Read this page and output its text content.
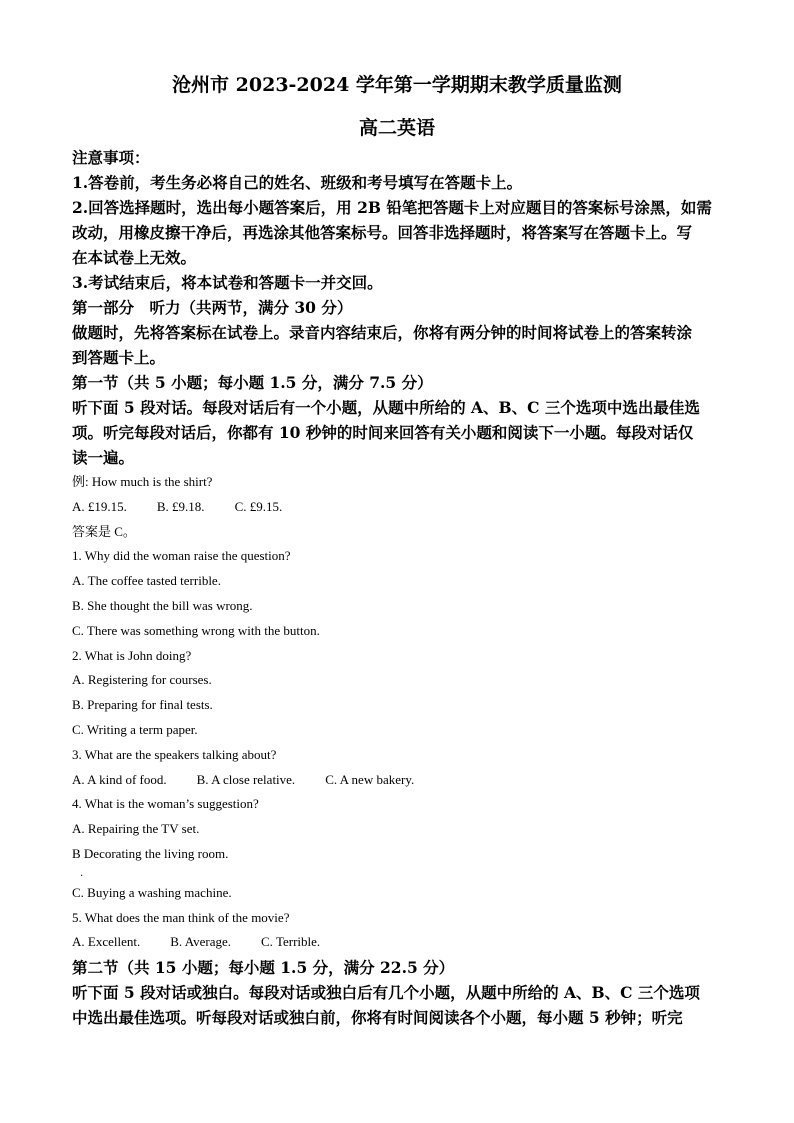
沧州市 2023-2024 学年第一学期期末教学质量监测
高二英语

注意事项：

1.答卷前，考生务必将自己的姓名、班级和考号填写在答题卡上。

2.回答选择题时，选出每小题答案后，用 2B 铅笔把答题卡上对应题目的答案标号涂黑，如需

改动，用橡皮擦干净后，再选涂其他答案标号。回答非选择题时，将答案写在答题卡上。写

在本试卷上无效。

3.考试结束后，将本试卷和答题卡一并交回。

第一部分　听力（共两节，满分 30 分）

做题时，先将答案标在试卷上。录音内容结束后，你将有两分钟的时间将试卷上的答案转涂

到答题卡上。

第一节（共 5 小题；每小题 1.5 分，满分 7.5 分）

听下面 5 段对话。每段对话后有一个小题，从题中所给的 A、B、C 三个选项中选出最佳选

项。听完每段对话后，你都有 10 秒钟的时间来回答有关小题和阅读下一小题。每段对话仅

读一遍。

例: How much is the shirt?

A. £19.15. B. £9.18. C. £9.15.

答案是 C。

1. Why did the woman raise the question?

A. The coffee tasted terrible.

B. She thought the bill was wrong.

C. There was something wrong with the button.

2. What is John doing?

A. Registering for courses.

B. Preparing for final tests.

C. Writing a term paper.

3. What are the speakers talking about?

A. A kind of food. B. A close relative. C. A new bakery.

4. What is the woman’s suggestion?

A. Repairing the TV set.

B Decorating the living room.

.

C. Buying a washing machine.

5. What does the man think of the movie?

A. Excellent. B. Average. C. Terrible.

第二节（共 15 小题；每小题 1.5 分，满分 22.5 分）

听下面 5 段对话或独白。每段对话或独白后有几个小题，从题中所给的 A、B、C 三个选项

中选出最佳选项。听每段对话或独白前，你将有时间阅读各个小题，每小题 5 秒钟；听完
